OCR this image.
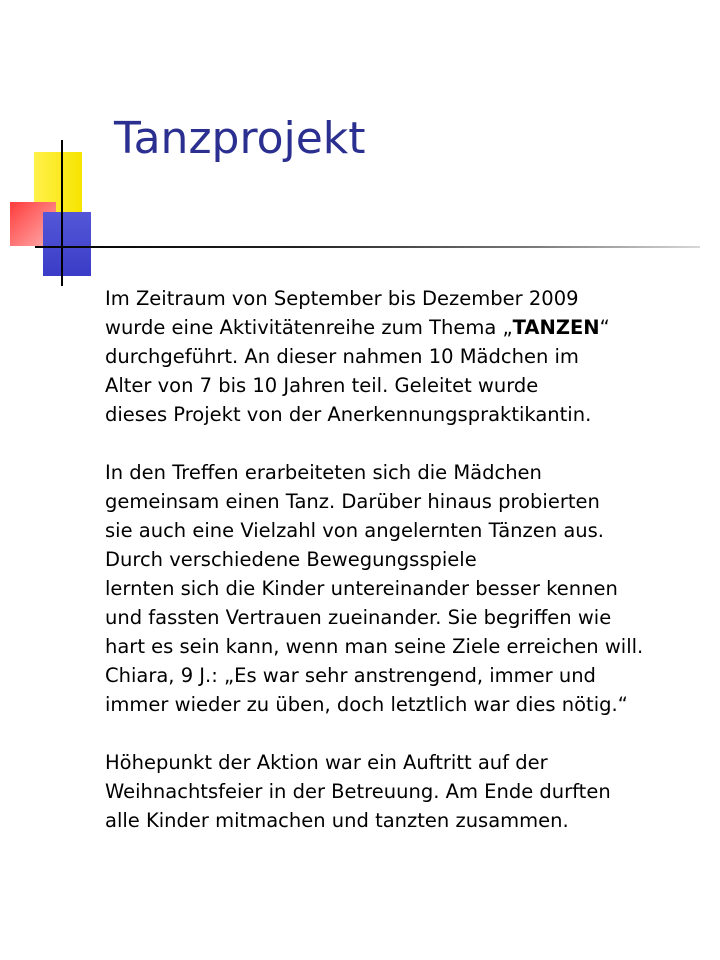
Tanzprojekt
Im Zeitraum von September bis Dezember 2009
wurde eine Aktivitätenreihe zum Thema „TANZEN“
durchgeführt. An dieser nahmen 10 Mädchen im
Alter von 7 bis 10 Jahren teil. Geleitet wurde
dieses Projekt von der Anerkennungspraktikantin.
In den Treffen erarbeiteten sich die Mädchen
gemeinsam einen Tanz. Darüber hinaus probierten
sie auch eine Vielzahl von angelernten Tänzen aus.
Durch verschiedene Bewegungsspiele
lernten sich die Kinder untereinander besser kennen
und fassten Vertrauen zueinander. Sie begriffen wie
hart es sein kann, wenn man seine Ziele erreichen will.
Chiara, 9 J.: „Es war sehr anstrengend, immer und
immer wieder zu üben, doch letztlich war dies nötig.“
Höhepunkt der Aktion war ein Auftritt auf der
Weihnachtsfeier in der Betreuung. Am Ende durften
alle Kinder mitmachen und tanzten zusammen.
